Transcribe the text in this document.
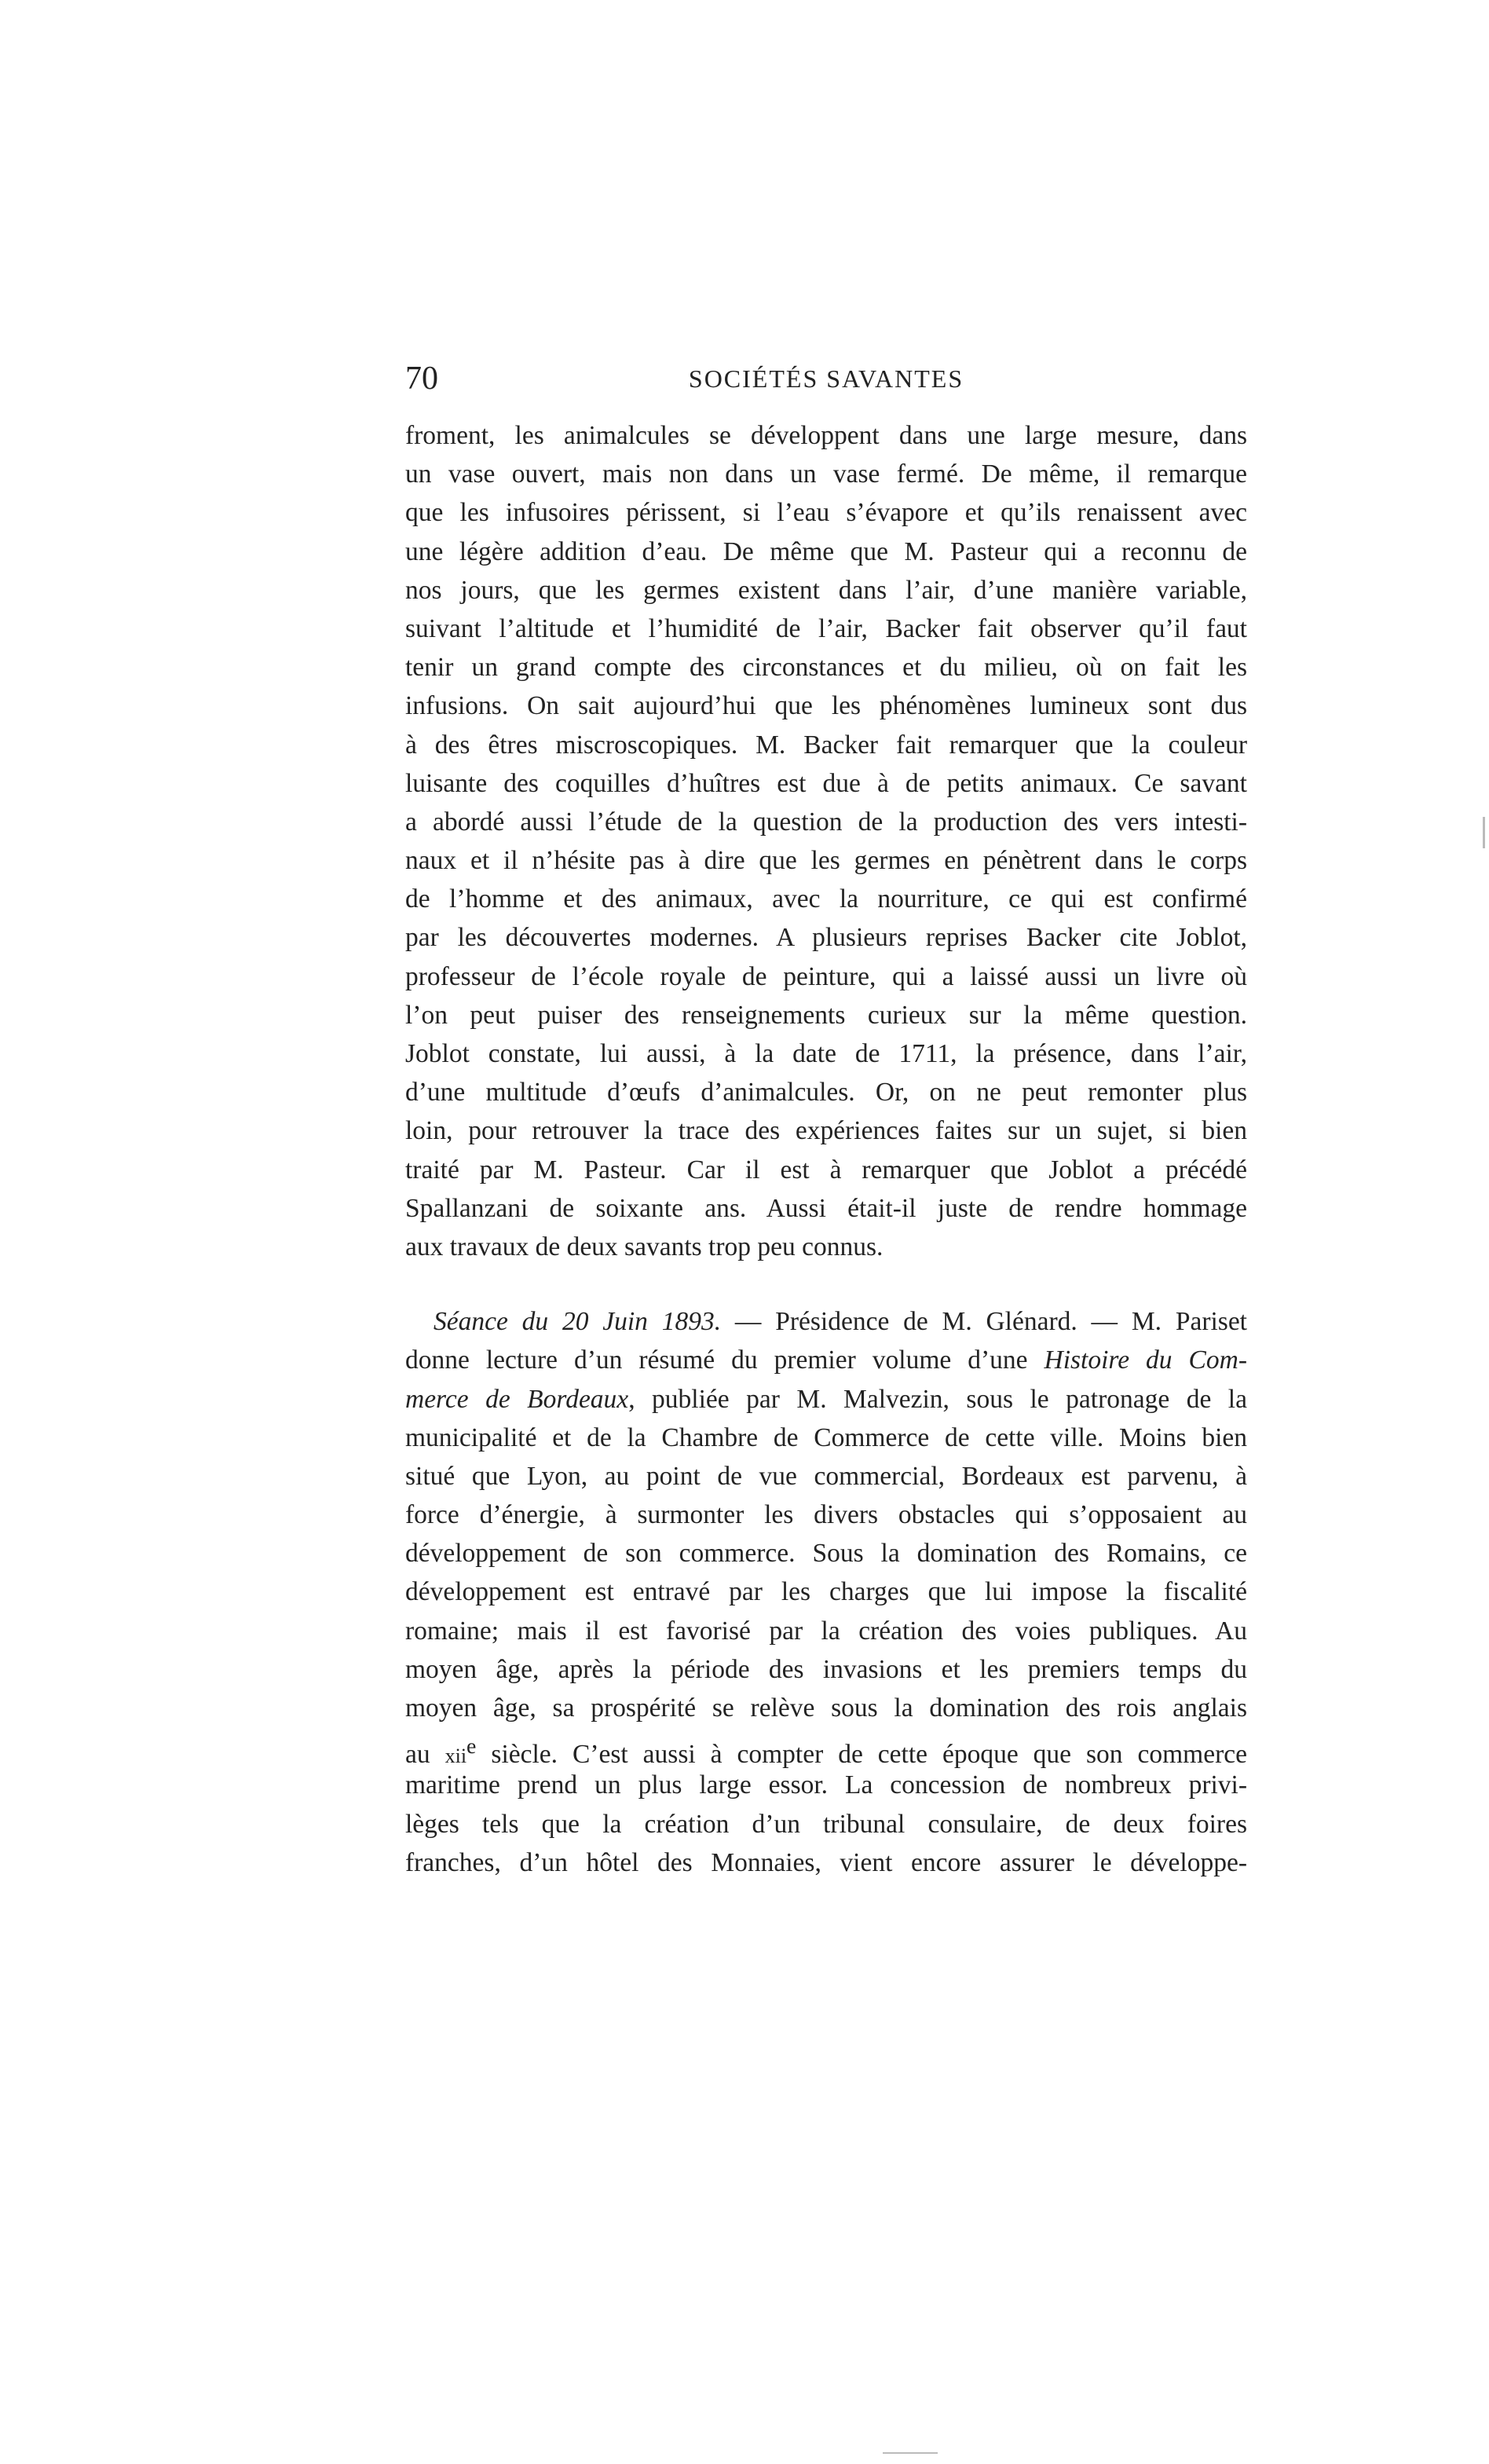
70	SOCIÉTÉS SAVANTES
froment, les animalcules se développent dans une large mesure, dans
un vase ouvert, mais non dans un vase fermé. De même, il remarque
que les infusoires périssent, si l’eau s’évapore et qu’ils renaissent avec
une légère addition d’eau. De même que M. Pasteur qui a reconnu de
nos jours, que les germes existent dans l’air, d’une manière variable,
suivant l’altitude et l’humidité de l’air, Backer fait observer qu’il faut
tenir un grand compte des circonstances et du milieu, où on fait les
infusions. On sait aujourd’hui que les phénomènes lumineux sont dus
à des êtres miscroscopiques. M. Backer fait remarquer que la couleur
luisante des coquilles d’huîtres est due à de petits animaux. Ce savant
a abordé aussi l’étude de la question de la production des vers intesti-
naux et il n’hésite pas à dire que les germes en pénètrent dans le corps
de l’homme et des animaux, avec la nourriture, ce qui est confirmé
par les découvertes modernes. A plusieurs reprises Backer cite Joblot,
professeur de l’école royale de peinture, qui a laissé aussi un livre où
l’on peut puiser des renseignements curieux sur la même question.
Joblot constate, lui aussi, à la date de 1711, la présence, dans l’air,
d’une multitude d’œufs d’animalcules. Or, on ne peut remonter plus
loin, pour retrouver la trace des expériences faites sur un sujet, si bien
traité par M. Pasteur. Car il est à remarquer que Joblot a précédé
Spallanzani de soixante ans. Aussi était-il juste de rendre hommage
aux travaux de deux savants trop peu connus.
Séance du 20 Juin 1893. — Présidence de M. Glénard. — M. Pariset
donne lecture d’un résumé du premier volume d’une Histoire du Com-
merce de Bordeaux, publiée par M. Malvezin, sous le patronage de la
municipalité et de la Chambre de Commerce de cette ville. Moins bien
situé que Lyon, au point de vue commercial, Bordeaux est parvenu, à
force d’énergie, à surmonter les divers obstacles qui s’opposaient au
développement de son commerce. Sous la domination des Romains, ce
développement est entravé par les charges que lui impose la fiscalité
romaine; mais il est favorisé par la création des voies publiques. Au
moyen âge, après la période des invasions et les premiers temps du
moyen âge, sa prospérité se relève sous la domination des rois anglais
au xii$^e$ siècle. C’est aussi à compter de cette époque que son commerce
maritime prend un plus large essor. La concession de nombreux privi-
lèges tels que la création d’un tribunal consulaire, de deux foires
franches, d’un hôtel des Monnaies, vient encore assurer le développe-
